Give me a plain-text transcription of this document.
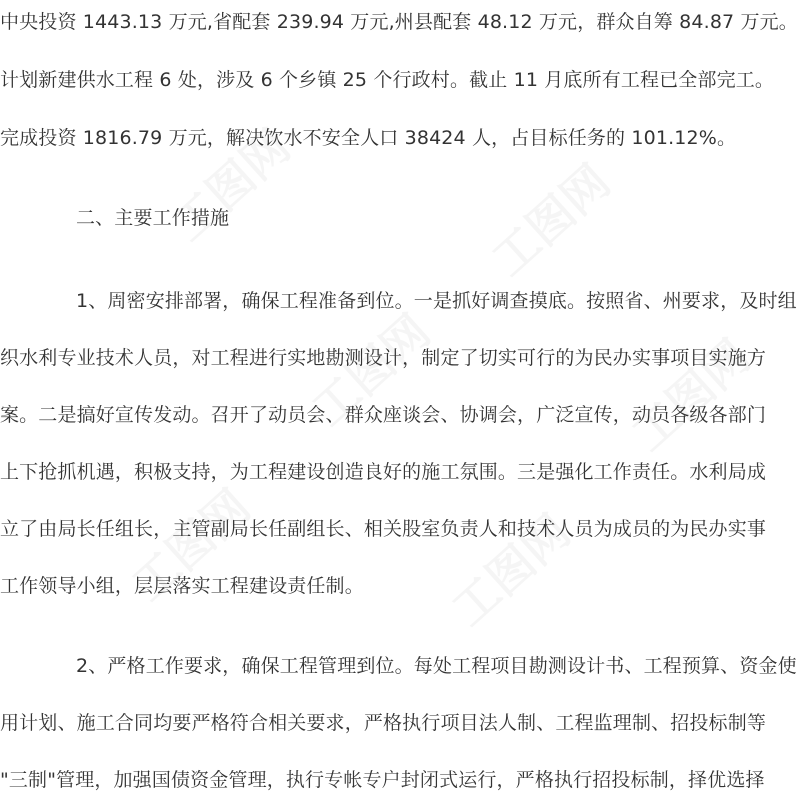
中央投资 1443.13 万元,省配套 239.94 万元,州县配套 48.12 万元，群众自筹 84.87 万元。
计划新建供水工程 6 处，涉及 6 个乡镇 25 个行政村。截止 11 月底所有工程已全部完工。
完成投资 1816.79 万元，解决饮水不安全人口 38424 人，占目标任务的 101.12%。
二、主要工作措施
1、周密安排部署，确保工程准备到位。一是抓好调查摸底。按照省、州要求，及时组
织水利专业技术人员，对工程进行实地勘测设计，制定了切实可行的为民办实事项目实施方
案。二是搞好宣传发动。召开了动员会、群众座谈会、协调会，广泛宣传，动员各级各部门
上下抢抓机遇，积极支持，为工程建设创造良好的施工氛围。三是强化工作责任。水利局成
立了由局长任组长，主管副局长任副组长、相关股室负责人和技术人员为成员的为民办实事
工作领导小组，层层落实工程建设责任制。
2、严格工作要求，确保工程管理到位。每处工程项目勘测设计书、工程预算、资金使
用计划、施工合同均要严格符合相关要求，严格执行项目法人制、工程监理制、招投标制等
"三制"管理，加强国债资金管理，执行专帐专户封闭式运行，严格执行招投标制，择优选择
